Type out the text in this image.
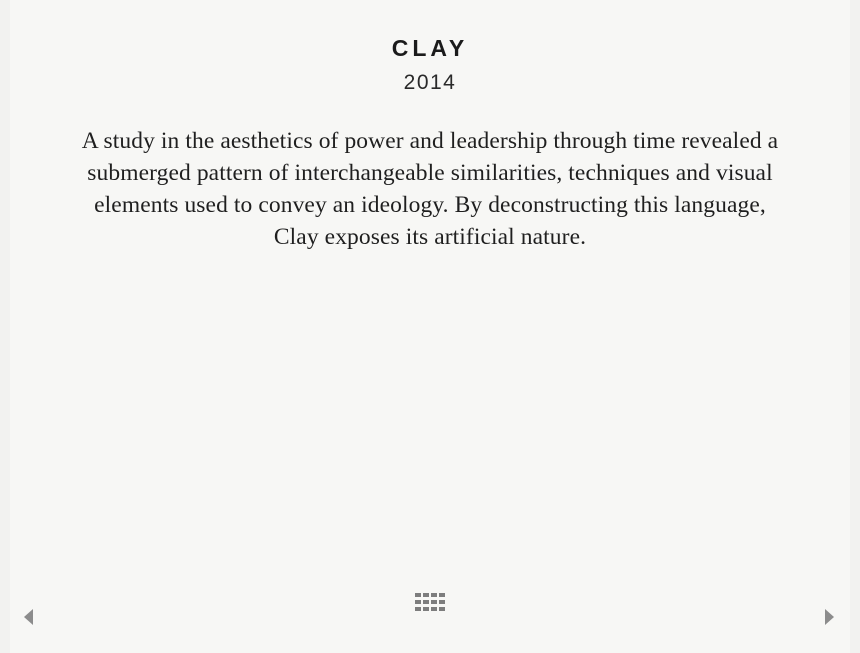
CLAY
2014

A study in the aesthetics of power and leadership through time revealed a submerged pattern of interchangeable similarities, techniques and visual elements used to convey an ideology. By deconstructing this language, Clay exposes its artificial nature.
